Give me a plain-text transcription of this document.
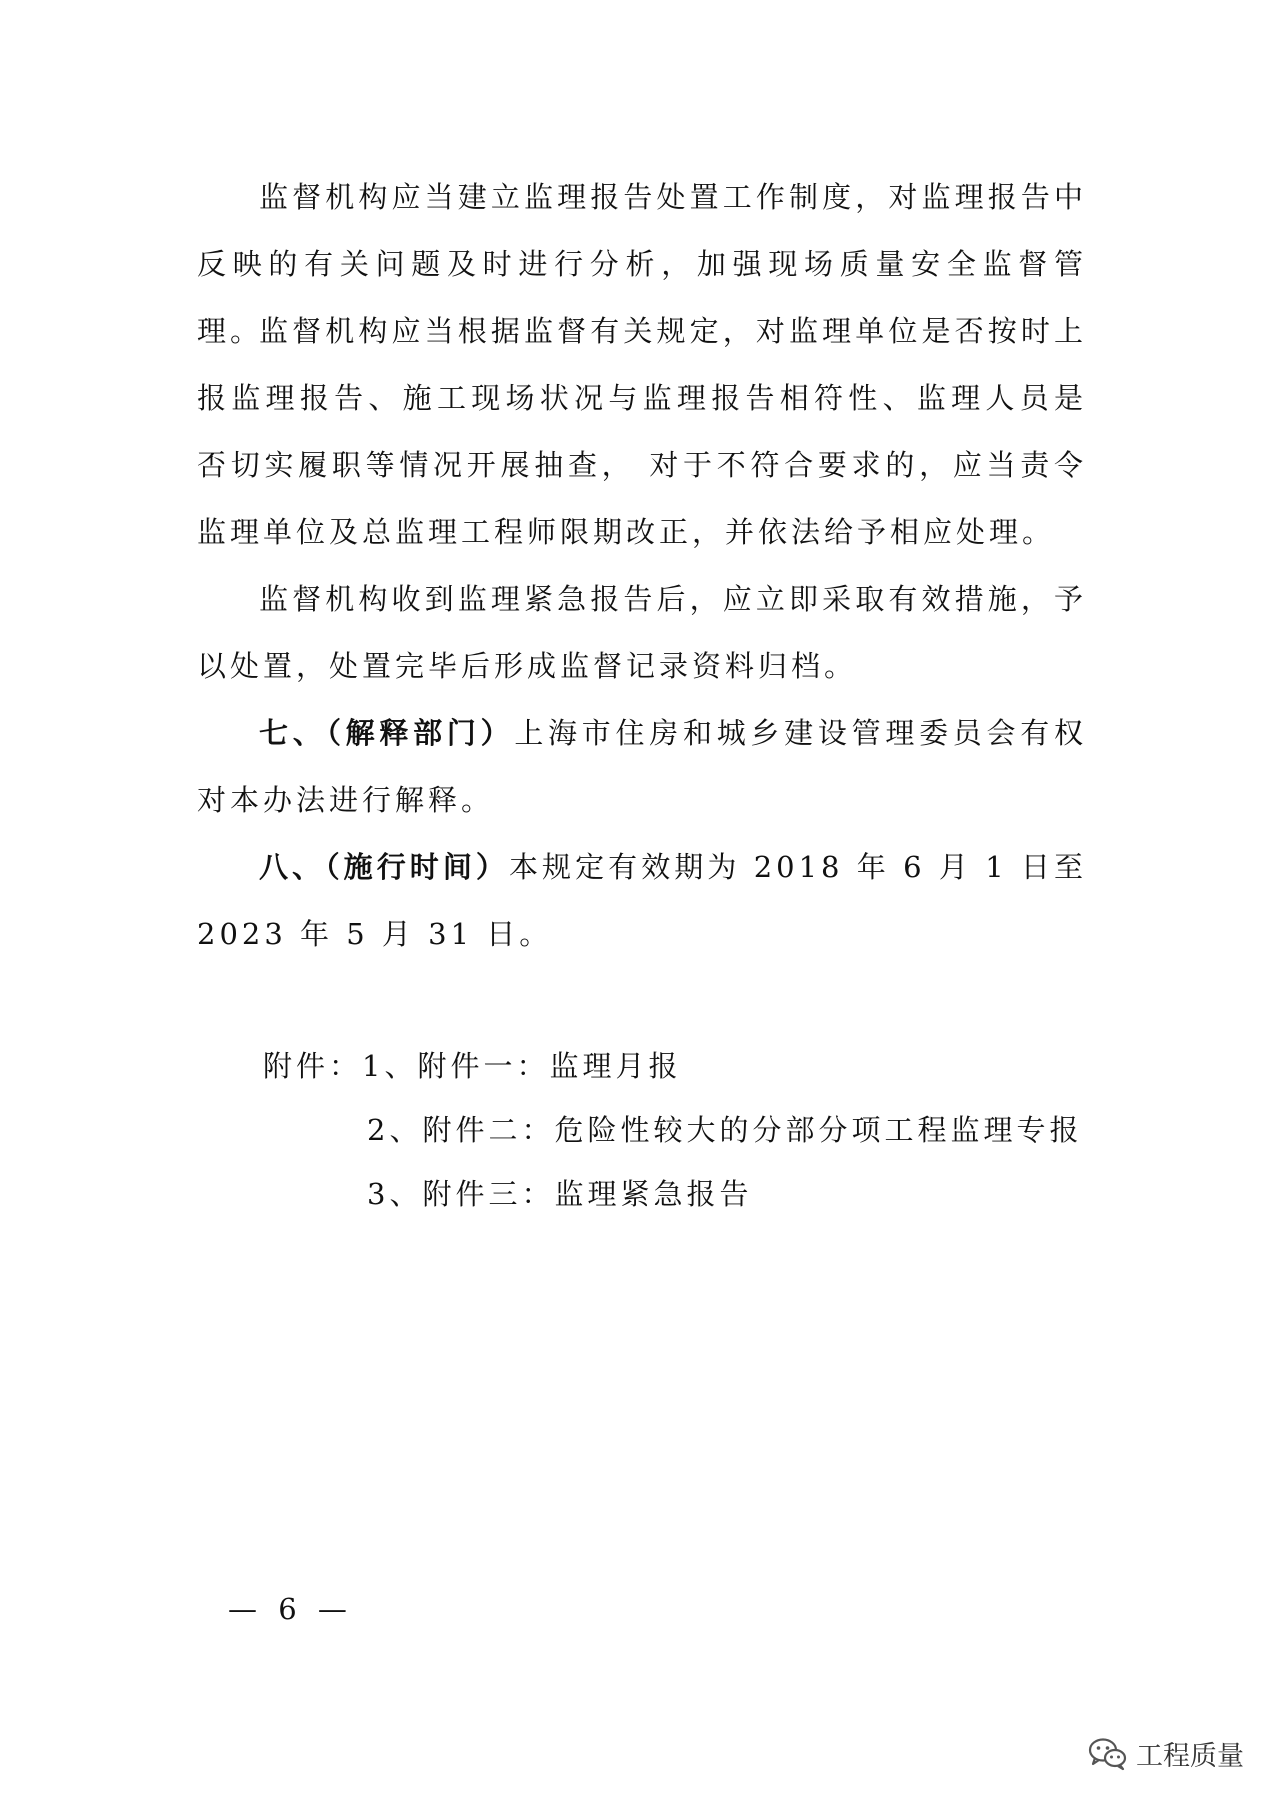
监督机构应当建立监理报告处置工作制度，对监理报告中反映的有关问题及时进行分析，加强现场质量安全监督管理。

监督机构应当根据监督有关规定，对监理单位是否按时上报监理报告、施工现场状况与监理报告相符性、监理人员是否切实履职等情况开展抽查， 对于不符合要求的，应当责令监理单位及总监理工程师限期改正，并依法给予相应处理。

监督机构收到监理紧急报告后，应立即采取有效措施，予以处置，处置完毕后形成监督记录资料归档。

七、（解释部门）上海市住房和城乡建设管理委员会有权对本办法进行解释。

八、（施行时间）本规定有效期为 2018 年 6 月 1 日至 2023 年 5 月 31 日。

附件：1、附件一：监理月报

2、附件二：危险性较大的分部分项工程监理专报

3、附件三：监理紧急报告

— 6 —
工程质量
